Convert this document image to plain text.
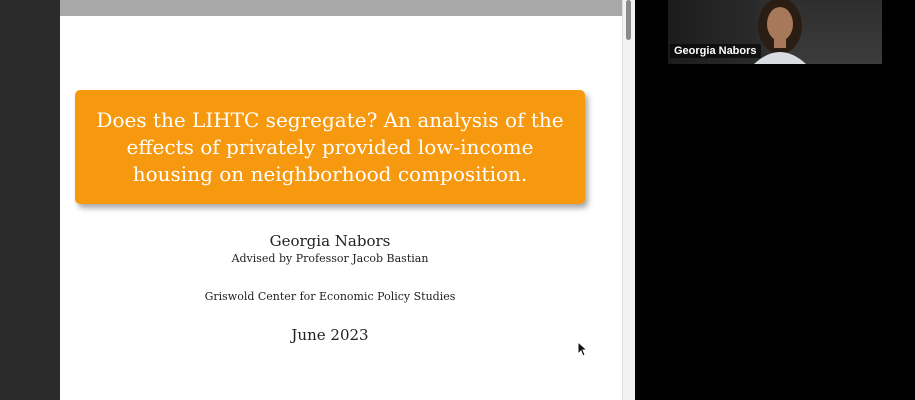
Does the LIHTC segregate? An analysis of the effects of privately provided low-income housing on neighborhood composition.
Georgia Nabors
Advised by Professor Jacob Bastian
Griswold Center for Economic Policy Studies
June 2023
Georgia Nabors
